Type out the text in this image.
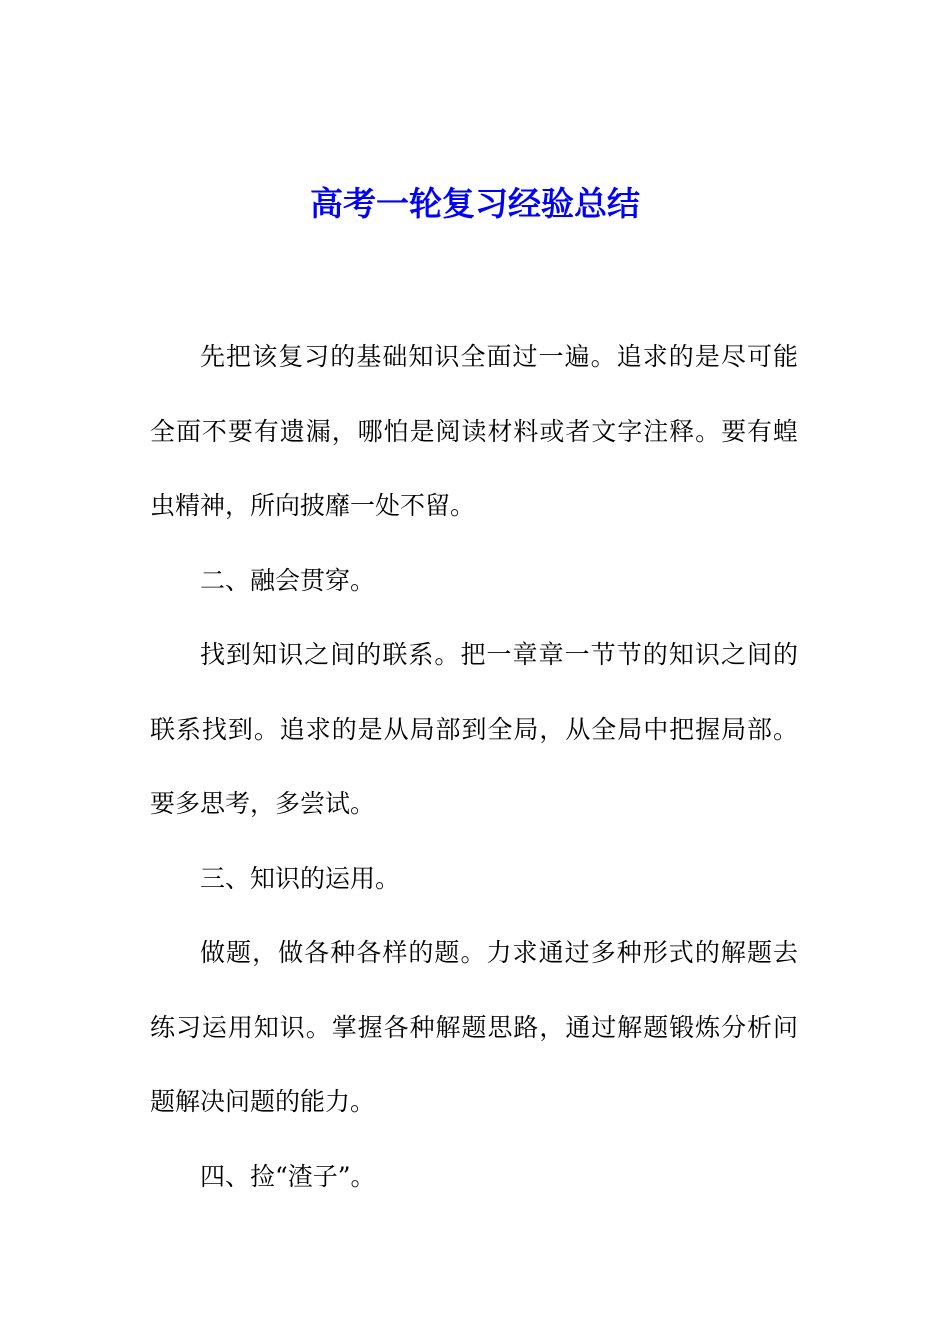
高考一轮复习经验总结

先把该复习的基础知识全面过一遍。追求的是尽可能全面不要有遗漏，哪怕是阅读材料或者文字注释。要有蝗虫精神，所向披靡一处不留。

二、融会贯穿。

找到知识之间的联系。把一章章一节节的知识之间的联系找到。追求的是从局部到全局，从全局中把握局部。要多思考，多尝试。

三、知识的运用。

做题，做各种各样的题。力求通过多种形式的解题去练习运用知识。掌握各种解题思路，通过解题锻炼分析问题解决问题的能力。

四、捡“渣子”。
